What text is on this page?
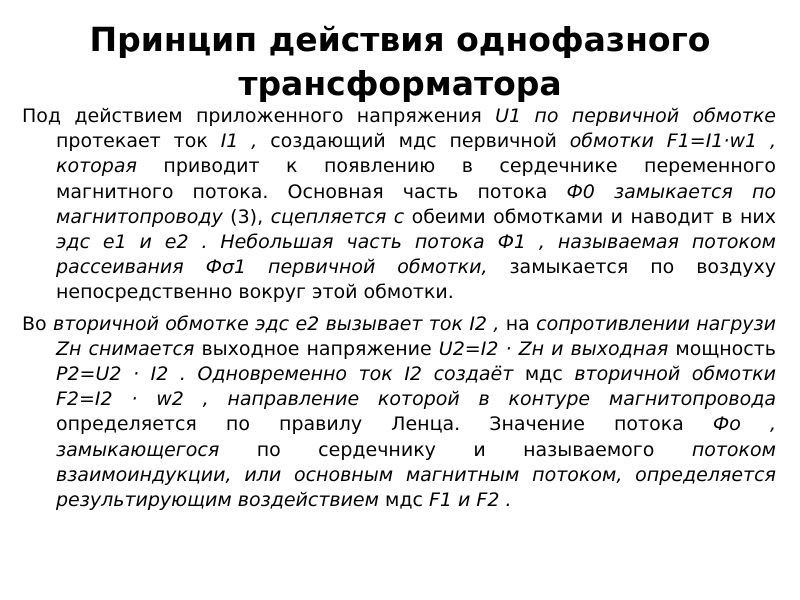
Принцип действия однофазного трансформатора

Под действием приложенного напряжения U1 по первичной обмотке протекает ток I1 , создающий мдс первичной обмотки F1=I1·w1 , которая приводит к появлению в сердечнике переменного магнитного потока. Основная часть потока Ф0 замыкается по магнитопроводу (3), сцепляется с обеими обмотками и наводит в них эдс е1 и е2 . Небольшая часть потока Ф1 , называемая потоком рассеивания Фσ1 первичной обмотки, замыкается по воздуху непосредственно вокруг этой обмотки.

Во вторичной обмотке эдс е2 вызывает ток I2 , на сопротивлении нагрузи Zн снимается выходное напряжение U2=I2 · Zн и выходная мощность P2=U2 · I2 . Одновременно ток I2 создаёт мдс вторичной обмотки F2=I2 · w2 , направление которой в контуре магнитопровода определяется по правилу Ленца. Значение потока Фо , замыкающегося по сердечнику и называемого потоком взаимоиндукции, или основным магнитным потоком, определяется результирующим воздействием мдс F1 и F2 .
